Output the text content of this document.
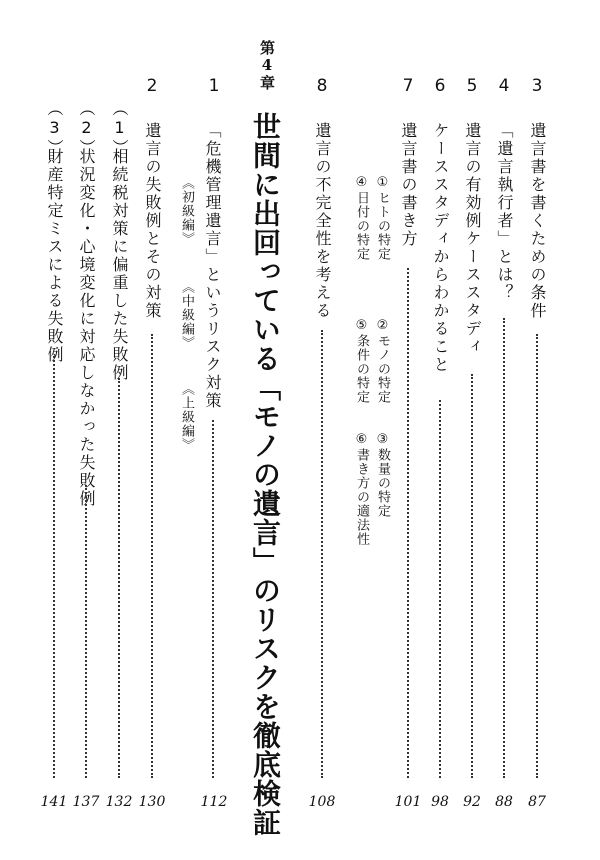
3
遺言書を書くための条件
87
4
「遺言執行者」とは？
88
5
遺言の有効例ケーススタディ
92
6
ケーススタディからわかること
98
7
遺言書の書き方
101
①ヒトの特定
④日付の特定
②モノの特定
⑤条件の特定
③数量の特定
⑥書き方の適法性
8
遺言の不完全性を考える
108
第4章
世間に出回っている「モノの遺言」のリスクを徹底検証
1
「危機管理遺言」というリスク対策
112
《初級編》
《中級編》
《上級編》
2
遺言の失敗例とその対策
130
（1）
相続税対策に偏重した失敗例
132
（2）
状況変化・心境変化に対応しなかった失敗例
137
（3）
財産特定ミスによる失敗例
141
